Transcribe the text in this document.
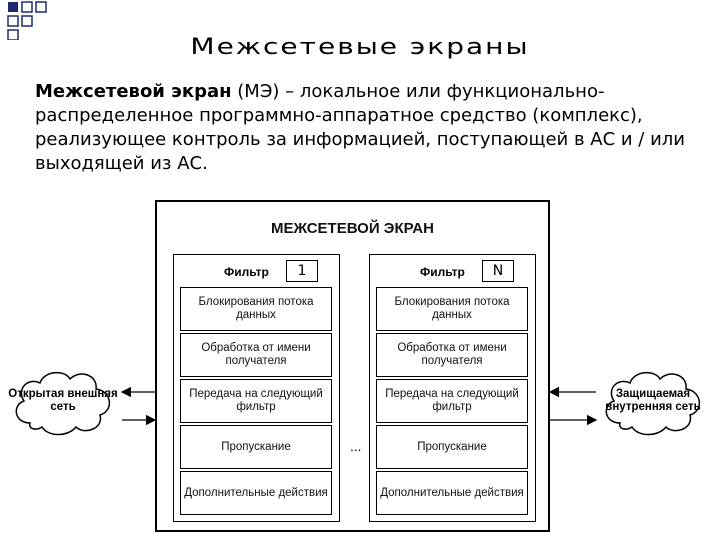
Межсетевые экраны
Межсетевой экран (МЭ) – локальное или функционально-распределенное программно-аппаратное средство (комплекс), реализующее контроль за информацией, поступающей в АС и / или выходящей из АС.
МЕЖСЕТЕВОЙ ЭКРАН
Фильтр	1
Блокирования потока данных
Обработка от имени получателя
Передача на следующий фильтр
Пропускание
Дополнительные действия
...
Фильтр	N
Блокирования потока данных
Обработка от имени получателя
Передача на следующий фильтр
Пропускание
Дополнительные действия
Открытая внешняя сеть
Защищаемая внутренняя сеть
